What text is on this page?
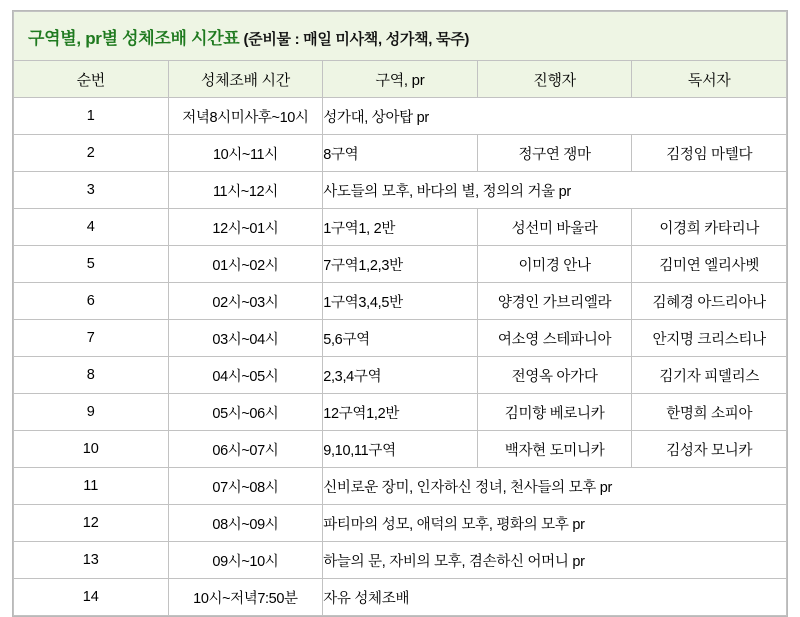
구역별, pr별 성체조배 시간표 (준비물 : 매일 미사책, 성가책, 묵주)				
순번	성체조배 시간	구역, pr	진행자	독서자
1	저녁8시미사후~10시	성가대, 상아탑 pr		
2	10시~11시	8구역	정구연 쟁마	김정임 마텔다
3	11시~12시	사도들의 모후, 바다의 별, 정의의 거울 pr		
4	12시~01시	1구역1, 2반	성선미 바울라	이경희 카타리나
5	01시~02시	7구역1,2,3반	이미경 안나	김미연 엘리사벳
6	02시~03시	1구역3,4,5반	양경인 가브리엘라	김혜경 아드리아나
7	03시~04시	5,6구역	여소영 스테파니아	안지명 크리스티나
8	04시~05시	2,3,4구역	전영옥 아가다	김기자 피델리스
9	05시~06시	12구역1,2반	김미향 베로니카	한명희 소피아
10	06시~07시	9,10,11구역	백자현 도미니카	김성자 모니카
11	07시~08시	신비로운 장미, 인자하신 정녀, 천사들의 모후 pr		
12	08시~09시	파티마의 성모, 애덕의 모후, 평화의 모후 pr		
13	09시~10시	하늘의 문, 자비의 모후, 겸손하신 어머니 pr		
14	10시~저녁7:50분	자유 성체조배		
